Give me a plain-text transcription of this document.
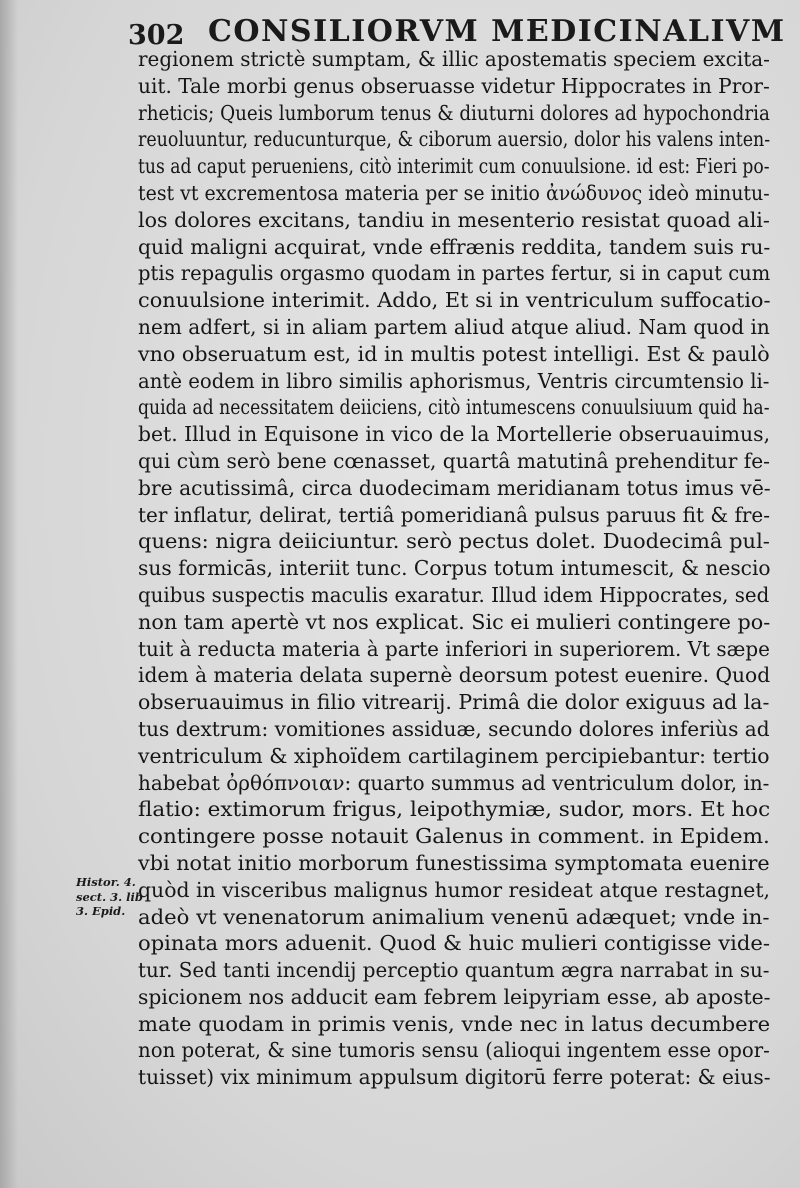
302 CONSILIORVM MEDICINALIVM
regionem strictè sumptam, & illic apostematis speciem excita-
uit. Tale morbi genus obseruasse videtur Hippocrates in Pror-
rheticis; Queis lumborum tenus & diuturni dolores ad hypochondria
reuoluuntur, reducunturque, & ciborum auersio, dolor his valens inten-
tus ad caput perueniens, citò interimit cum conuulsione. id est: Fieri po-
test vt excrementosa materia per se initio ἀνώδυνος ideò minutu-
los dolores excitans, tandiu in mesenterio resistat quoad ali-
quid maligni acquirat, vnde effrænis reddita, tandem suis ru-
ptis repagulis orgasmo quodam in partes fertur, si in caput cum
conuulsione interimit. Addo, Et si in ventriculum suffocatio-
nem adfert, si in aliam partem aliud atque aliud. Nam quod in
vno obseruatum est, id in multis potest intelligi. Est & paulò
antè eodem in libro similis aphorismus, Ventris circumtensio li-
quida ad necessitatem deiiciens, citò intumescens conuulsiuum quid ha-
bet. Illud in Equisone in vico de la Mortellerie obseruauimus,
qui cùm serò bene cœnasset, quartâ matutinâ prehenditur fe-
bre acutissimâ, circa duodecimam meridianam totus imus vē-
ter inflatur, delirat, tertiâ pomeridianâ pulsus paruus fit & fre-
quens: nigra deiiciuntur. serò pectus dolet. Duodecimâ pul-
sus formicās, interiit tunc. Corpus totum intumescit, & nescio
quibus suspectis maculis exaratur. Illud idem Hippocrates, sed
non tam apertè vt nos explicat. Sic ei mulieri contingere po-
tuit à reducta materia à parte inferiori in superiorem. Vt sæpe
idem à materia delata supernè deorsum potest euenire. Quod
obseruauimus in filio vitrearij. Primâ die dolor exiguus ad la-
tus dextrum: vomitiones assiduæ, secundo dolores inferiùs ad
ventriculum & xiphoïdem cartilaginem percipiebantur: tertio
habebat ὀρθόπνοιαν: quarto summus ad ventriculum dolor, in-
flatio: extimorum frigus, leipothymiæ, sudor, mors. Et hoc
contingere posse notauit Galenus in comment. in Epidem.
vbi notat initio morborum funestissima symptomata euenire
quòd in visceribus malignus humor resideat atque restagnet,
adeò vt venenatorum animalium venenū adæquet; vnde in-
opinata mors aduenit. Quod & huic mulieri contigisse vide-
tur. Sed tanti incendij perceptio quantum ægra narrabat in su-
spicionem nos adducit eam febrem leipyriam esse, ab aposte-
mate quodam in primis venis, vnde nec in latus decumbere
non poterat, & sine tumoris sensu (alioqui ingentem esse opor-
tuisset) vix minimum appulsum digitorū ferre poterat: & eius-
Histor. 4.
sect. 3. lib
3. Epid.
